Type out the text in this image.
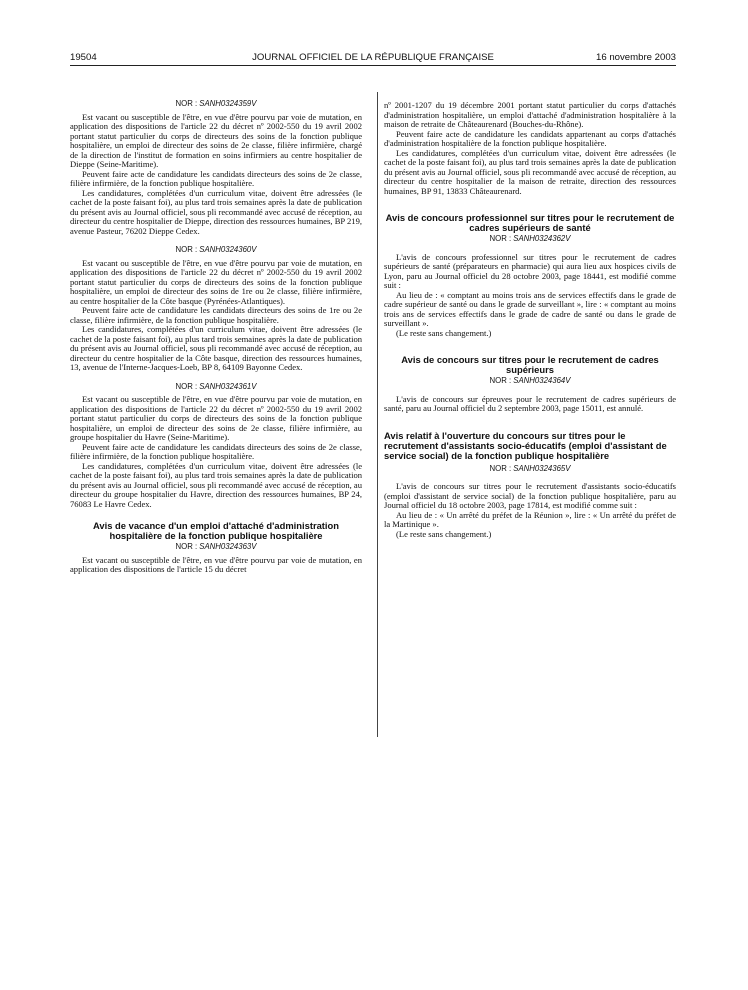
19504	JOURNAL OFFICIEL DE LA RÉPUBLIQUE FRANÇAISE	16 novembre 2003
NOR : SANH0324359V

Est vacant ou susceptible de l'être, en vue d'être pourvu par voie de mutation, en application des dispositions de l'article 22 du décret nº 2002-550 du 19 avril 2002 portant statut particulier du corps de directeurs des soins de la fonction publique hospitalière, un emploi de directeur des soins de 2e classe, filière infirmière, chargé de la direction de l'institut de formation en soins infirmiers au centre hospitalier de Dieppe (Seine-Maritime).

Peuvent faire acte de candidature les candidats directeurs des soins de 2e classe, filière infirmière, de la fonction publique hospitalière.

Les candidatures, complétées d'un curriculum vitae, doivent être adressées (le cachet de la poste faisant foi), au plus tard trois semaines après la date de publication du présent avis au Journal officiel, sous pli recommandé avec accusé de réception, au directeur du centre hospitalier de Dieppe, direction des ressources humaines, BP 219, avenue Pasteur, 76202 Dieppe Cedex.

NOR : SANH0324360V

Est vacant ou susceptible de l'être, en vue d'être pourvu par voie de mutation, en application des dispositions de l'article 22 du décret nº 2002-550 du 19 avril 2002 portant statut particulier du corps de directeurs des soins de la fonction publique hospitalière, un emploi de directeur des soins de 1re ou 2e classe, filière infirmière, au centre hospitalier de la Côte basque (Pyrénées-Atlantiques).

Peuvent faire acte de candidature les candidats directeurs des soins de 1re ou 2e classe, filière infirmière, de la fonction publique hospitalière.

Les candidatures, complétées d'un curriculum vitae, doivent être adressées (le cachet de la poste faisant foi), au plus tard trois semaines après la date de publication du présent avis au Journal officiel, sous pli recommandé avec accusé de réception, au directeur du centre hospitalier de la Côte basque, direction des ressources humaines, 13, avenue de l'Interne-Jacques-Loeb, BP 8, 64109 Bayonne Cedex.

NOR : SANH0324361V

Est vacant ou susceptible de l'être, en vue d'être pourvu par voie de mutation, en application des dispositions de l'article 22 du décret nº 2002-550 du 19 avril 2002 portant statut particulier du corps de directeurs des soins de la fonction publique hospitalière, un emploi de directeur des soins de 2e classe, filière infirmière, au groupe hospitalier du Havre (Seine-Maritime).

Peuvent faire acte de candidature les candidats directeurs des soins de 2e classe, filière infirmière, de la fonction publique hospitalière.

Les candidatures, complétées d'un curriculum vitae, doivent être adressées (le cachet de la poste faisant foi), au plus tard trois semaines après la date de publication du présent avis au Journal officiel, sous pli recommandé avec accusé de réception, au directeur du groupe hospitalier du Havre, direction des ressources humaines, BP 24, 76083 Le Havre Cedex.

Avis de vacance d'un emploi d'attaché d'administration hospitalière de la fonction publique hospitalière
NOR : SANH0324363V

Est vacant ou susceptible de l'être, en vue d'être pourvu par voie de mutation, en application des dispositions de l'article 15 du décret

nº 2001-1207 du 19 décembre 2001 portant statut particulier du corps d'attachés d'administration hospitalière, un emploi d'attaché d'administration hospitalière à la maison de retraite de Châteaurenard (Bouches-du-Rhône).

Peuvent faire acte de candidature les candidats appartenant au corps d'attachés d'administration hospitalière de la fonction publique hospitalière.

Les candidatures, complétées d'un curriculum vitae, doivent être adressées (le cachet de la poste faisant foi), au plus tard trois semaines après la date de publication du présent avis au Journal officiel, sous pli recommandé avec accusé de réception, au directeur du centre hospitalier de la maison de retraite, direction des ressources humaines, BP 91, 13833 Châteaurenard.

Avis de concours professionnel sur titres pour le recrutement de cadres supérieurs de santé
NOR : SANH0324362V

L'avis de concours professionnel sur titres pour le recrutement de cadres supérieurs de santé (préparateurs en pharmacie) qui aura lieu aux hospices civils de Lyon, paru au Journal officiel du 28 octobre 2003, page 18441, est modifié comme suit :

Au lieu de : « comptant au moins trois ans de services effectifs dans le grade de cadre supérieur de santé ou dans le grade de surveillant », lire : « comptant au moins trois ans de services effectifs dans le grade de cadre de santé ou dans le grade de surveillant ».

(Le reste sans changement.)

Avis de concours sur titres pour le recrutement de cadres supérieurs
NOR : SANH0324364V

L'avis de concours sur épreuves pour le recrutement de cadres supérieurs de santé, paru au Journal officiel du 2 septembre 2003, page 15011, est annulé.

Avis relatif à l'ouverture du concours sur titres pour le recrutement d'assistants socio-éducatifs (emploi d'assistant de service social) de la fonction publique hospitalière
NOR : SANH0324365V

L'avis de concours sur titres pour le recrutement d'assistants socio-éducatifs (emploi d'assistant de service social) de la fonction publique hospitalière, paru au Journal officiel du 18 octobre 2003, page 17814, est modifié comme suit :

Au lieu de : « Un arrêté du préfet de la Réunion », lire : « Un arrêté du préfet de la Martinique ».

(Le reste sans changement.)
